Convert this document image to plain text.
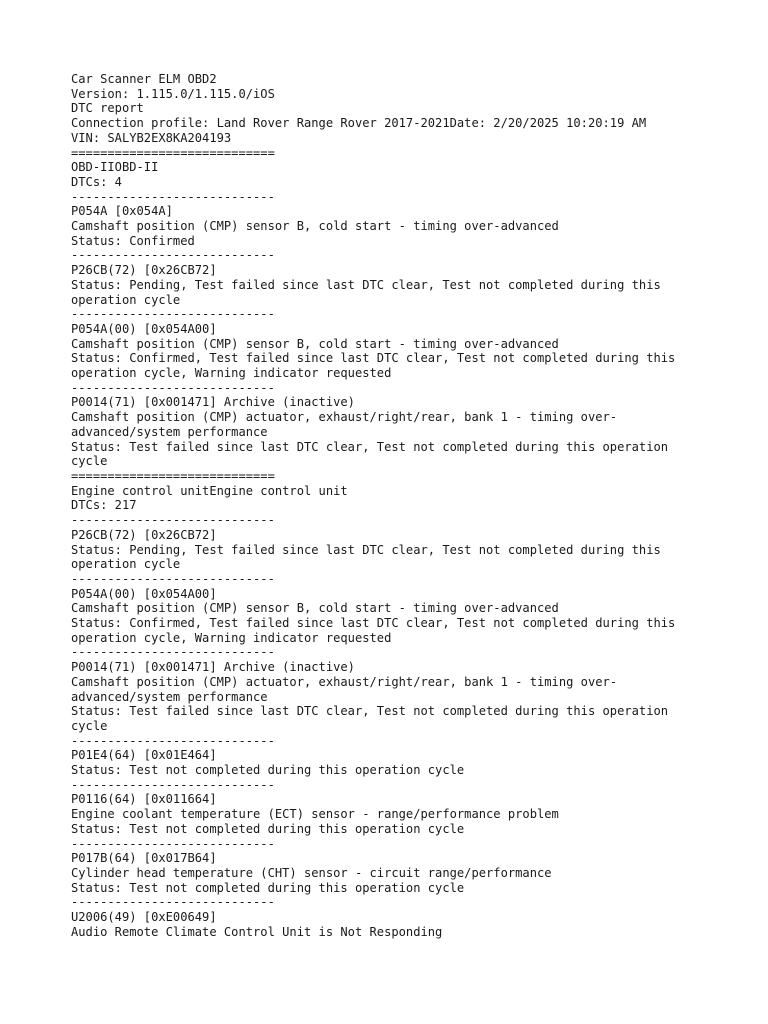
Car Scanner ELM OBD2

Version: 1.115.0/1.115.0/iOS

DTC report

Connection profile: Land Rover Range Rover 2017-2021Date: 2/20/2025 10:20:19 AM

VIN: SALYB2EX8KA204193

============================

OBD-IIOBD-II

DTCs: 4

----------------------------

P054A [0x054A]

Camshaft position (CMP) sensor B, cold start - timing over-advanced

Status: Confirmed

----------------------------

P26CB(72) [0x26CB72]

Status: Pending, Test failed since last DTC clear, Test not completed during this

operation cycle

----------------------------

P054A(00) [0x054A00]

Camshaft position (CMP) sensor B, cold start - timing over-advanced

Status: Confirmed, Test failed since last DTC clear, Test not completed during this

operation cycle, Warning indicator requested

----------------------------

P0014(71) [0x001471] Archive (inactive)

Camshaft position (CMP) actuator, exhaust/right/rear, bank 1 - timing over-

advanced/system performance

Status: Test failed since last DTC clear, Test not completed during this operation

cycle

============================

Engine control unitEngine control unit

DTCs: 217

----------------------------

P26CB(72) [0x26CB72]

Status: Pending, Test failed since last DTC clear, Test not completed during this

operation cycle

----------------------------

P054A(00) [0x054A00]

Camshaft position (CMP) sensor B, cold start - timing over-advanced

Status: Confirmed, Test failed since last DTC clear, Test not completed during this

operation cycle, Warning indicator requested

----------------------------

P0014(71) [0x001471] Archive (inactive)

Camshaft position (CMP) actuator, exhaust/right/rear, bank 1 - timing over-

advanced/system performance

Status: Test failed since last DTC clear, Test not completed during this operation

cycle

----------------------------

P01E4(64) [0x01E464]

Status: Test not completed during this operation cycle

----------------------------

P0116(64) [0x011664]

Engine coolant temperature (ECT) sensor - range/performance problem

Status: Test not completed during this operation cycle

----------------------------

P017B(64) [0x017B64]

Cylinder head temperature (CHT) sensor - circuit range/performance

Status: Test not completed during this operation cycle

----------------------------

U2006(49) [0xE00649]

Audio Remote Climate Control Unit is Not Responding
